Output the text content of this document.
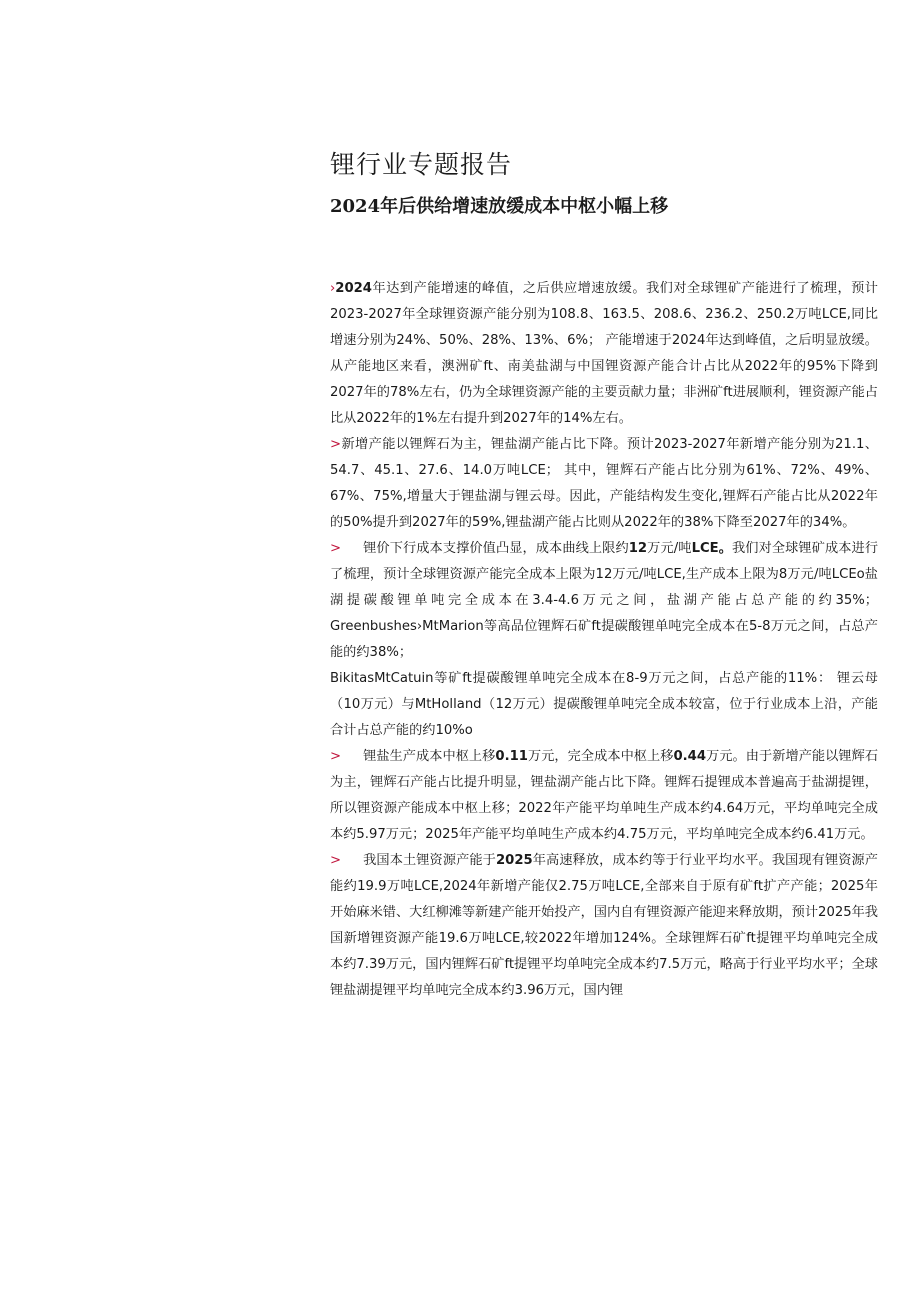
锂行业专题报告
2024年后供给增速放缓成本中枢小幅上移

›2024年达到产能增速的峰值，之后供应增速放缓。我们对全球锂矿产能进行了梳理，预计2023-2027年全球锂资源产能分别为108.8、163.5、208.6、236.2、250.2万吨LCE,同比增速分别为24%、50%、28%、13%、6%； 产能增速于2024年达到峰值，之后明显放缓。从产能地区来看，澳洲矿ft、南美盐湖与中国锂资源产能合计占比从2022年的95%下降到2027年的78%左右，仍为全球锂资源产能的主要贡献力量；非洲矿ft进展顺利，锂资源产能占比从2022年的1%左右提升到2027年的14%左右。

>新增产能以锂辉石为主，锂盐湖产能占比下降。预计2023-2027年新增产能分别为21.1、54.7、45.1、27.6、14.0万吨LCE； 其中，锂辉石产能占比分别为61%、72%、49%、67%、75%,增量大于锂盐湖与锂云母。因此，产能结构发生变化,锂辉石产能占比从2022年的50%提升到2027年的59%,锂盐湖产能占比则从2022年的38%下降至2027年的34%。

> 锂价下行成本支撑价值凸显，成本曲线上限约12万元/吨LCE。我们对全球锂矿成本进行了梳理，预计全球锂资源产能完全成本上限为12万元/吨LCE,生产成本上限为8万元/吨LCEo盐湖提碳酸锂单吨完全成本在3.4-4.6万元之间，盐湖产能占总产能的约35%； Greenbushes›MtMarion等高品位锂辉石矿ft提碳酸锂单吨完全成本在5-8万元之间，占总产能的约38%；

BikitasMtCatuin等矿ft提碳酸锂单吨完全成本在8-9万元之间，占总产能的11%： 锂云母（10万元）与MtHolland（12万元）提碳酸锂单吨完全成本较富，位于行业成本上沿，产能合计占总产能的约10%o

> 锂盐生产成本中枢上移0.11万元，完全成本中枢上移0.44万元。由于新增产能以锂辉石为主，锂辉石产能占比提升明显，锂盐湖产能占比下降。锂辉石提锂成本普遍高于盐湖提锂，所以锂资源产能成本中枢上移；2022年产能平均单吨生产成本约4.64万元，平均单吨完全成本约5.97万元；2025年产能平均单吨生产成本约4.75万元，平均单吨完全成本约6.41万元。

> 我国本土锂资源产能于2025年高速释放，成本约等于行业平均水平。我国现有锂资源产能约19.9万吨LCE,2024年新增产能仅2.75万吨LCE,全部来自于原有矿ft扩产产能；2025年开始麻米错、大红柳滩等新建产能开始投产，国内自有锂资源产能迎来释放期，预计2025年我国新增锂资源产能19.6万吨LCE,较2022年增加124%。全球锂辉石矿ft提锂平均单吨完全成本约7.39万元，国内锂辉石矿ft提锂平均单吨完全成本约7.5万元，略高于行业平均水平；全球锂盐湖提锂平均单吨完全成本约3.96万元，国内锂
